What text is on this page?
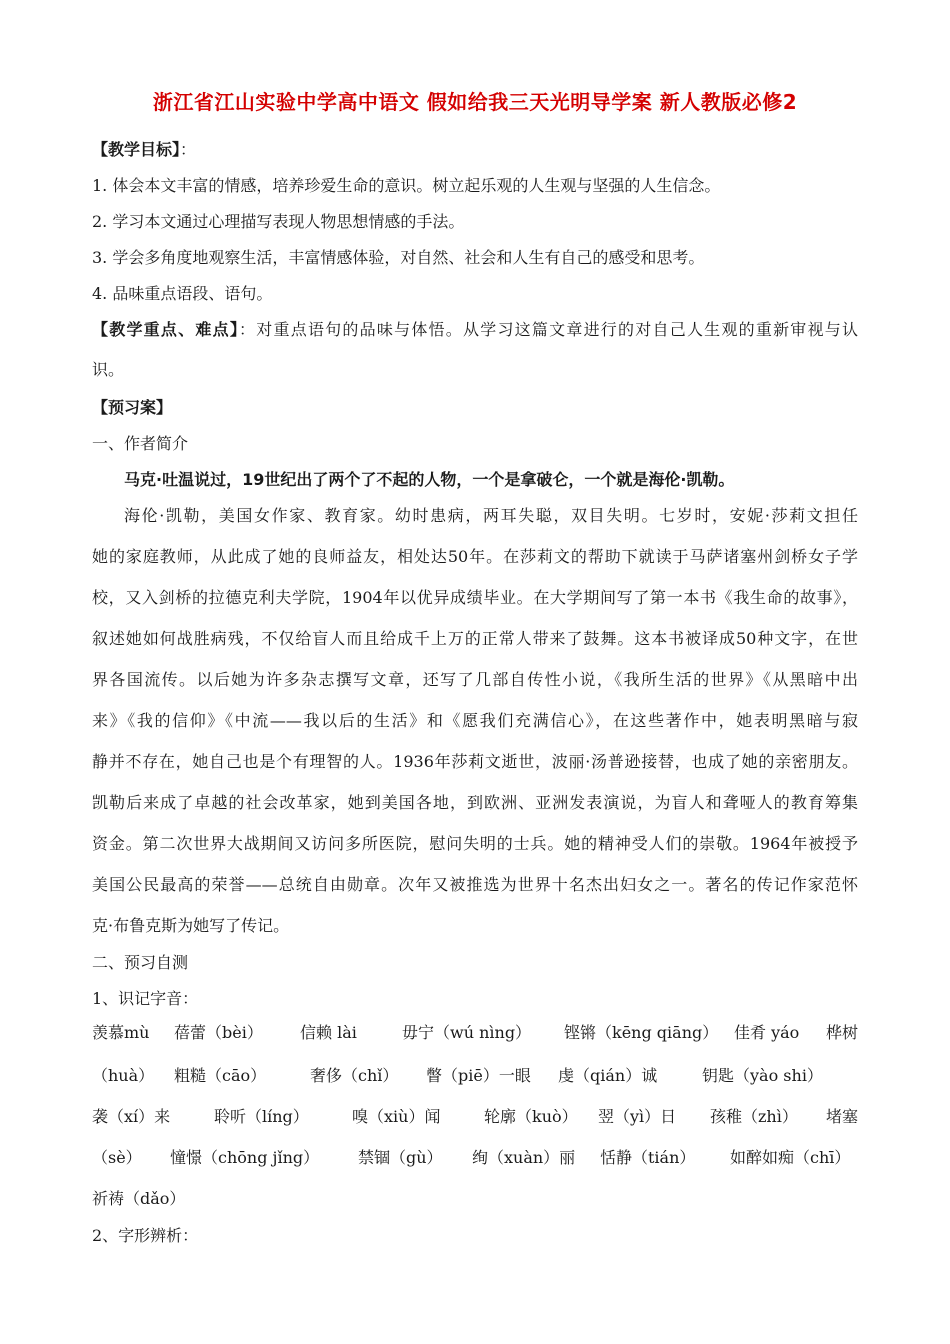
浙江省江山实验中学高中语文 假如给我三天光明导学案 新人教版必修2
【教学目标】：
1. 体会本文丰富的情感，培养珍爱生命的意识。树立起乐观的人生观与坚强的人生信念。
2. 学习本文通过心理描写表现人物思想情感的手法。
3. 学会多角度地观察生活，丰富情感体验，对自然、社会和人生有自己的感受和思考。
4. 品味重点语段、语句。
【教学重点、难点】：对重点语句的品味与体悟。从学习这篇文章进行的对自己人生观的重新审视与认
识。
【预习案】
一、作者简介
马克·吐温说过，19世纪出了两个了不起的人物，一个是拿破仑，一个就是海伦·凯勒。
海伦·凯勒，美国女作家、教育家。幼时患病，两耳失聪，双目失明。七岁时，安妮·莎莉文担任
她的家庭教师，从此成了她的良师益友，相处达50年。在莎莉文的帮助下就读于马萨诸塞州剑桥女子学
校，又入剑桥的拉德克利夫学院，1904年以优异成绩毕业。在大学期间写了第一本书《我生命的故事》，
叙述她如何战胜病残，不仅给盲人而且给成千上万的正常人带来了鼓舞。这本书被译成50种文字，在世
界各国流传。以后她为许多杂志撰写文章，还写了几部自传性小说，《我所生活的世界》《从黑暗中出
来》《我的信仰》《中流——我以后的生活》和《愿我们充满信心》，在这些著作中，她表明黑暗与寂
静并不存在，她自己也是个有理智的人。1936年莎莉文逝世，波丽·汤普逊接替，也成了她的亲密朋友。
凯勒后来成了卓越的社会改革家，她到美国各地，到欧洲、亚洲发表演说，为盲人和聋哑人的教育筹集
资金。第二次世界大战期间又访问多所医院，慰问失明的士兵。她的精神受人们的崇敬。1964年被授予
美国公民最高的荣誉——总统自由勋章。次年又被推选为世界十名杰出妇女之一。著名的传记作家范怀
克·布鲁克斯为她写了传记。
二、预习自测
1、识记字音：
羡慕mù 蓓蕾（bèi） 信赖 lài	毋宁（wú nìng） 铿锵（kēng qiāng） 佳肴 yáo 桦树
（huà） 粗糙（cāo）	奢侈（chǐ） 瞥（piē）一眼 虔（qián）诚	钥匙（yào shi）
袭（xí）来	聆听（líng）	嗅（xiù）闻	轮廓（kuò） 翌（yì）日 孩稚（zhì） 堵塞
（sè） 憧憬（chōng jǐng） 禁锢（gù） 绚（xuàn）丽 恬静（tián） 如醉如痴（chī）
祈祷（dǎo）
2、字形辨析：
